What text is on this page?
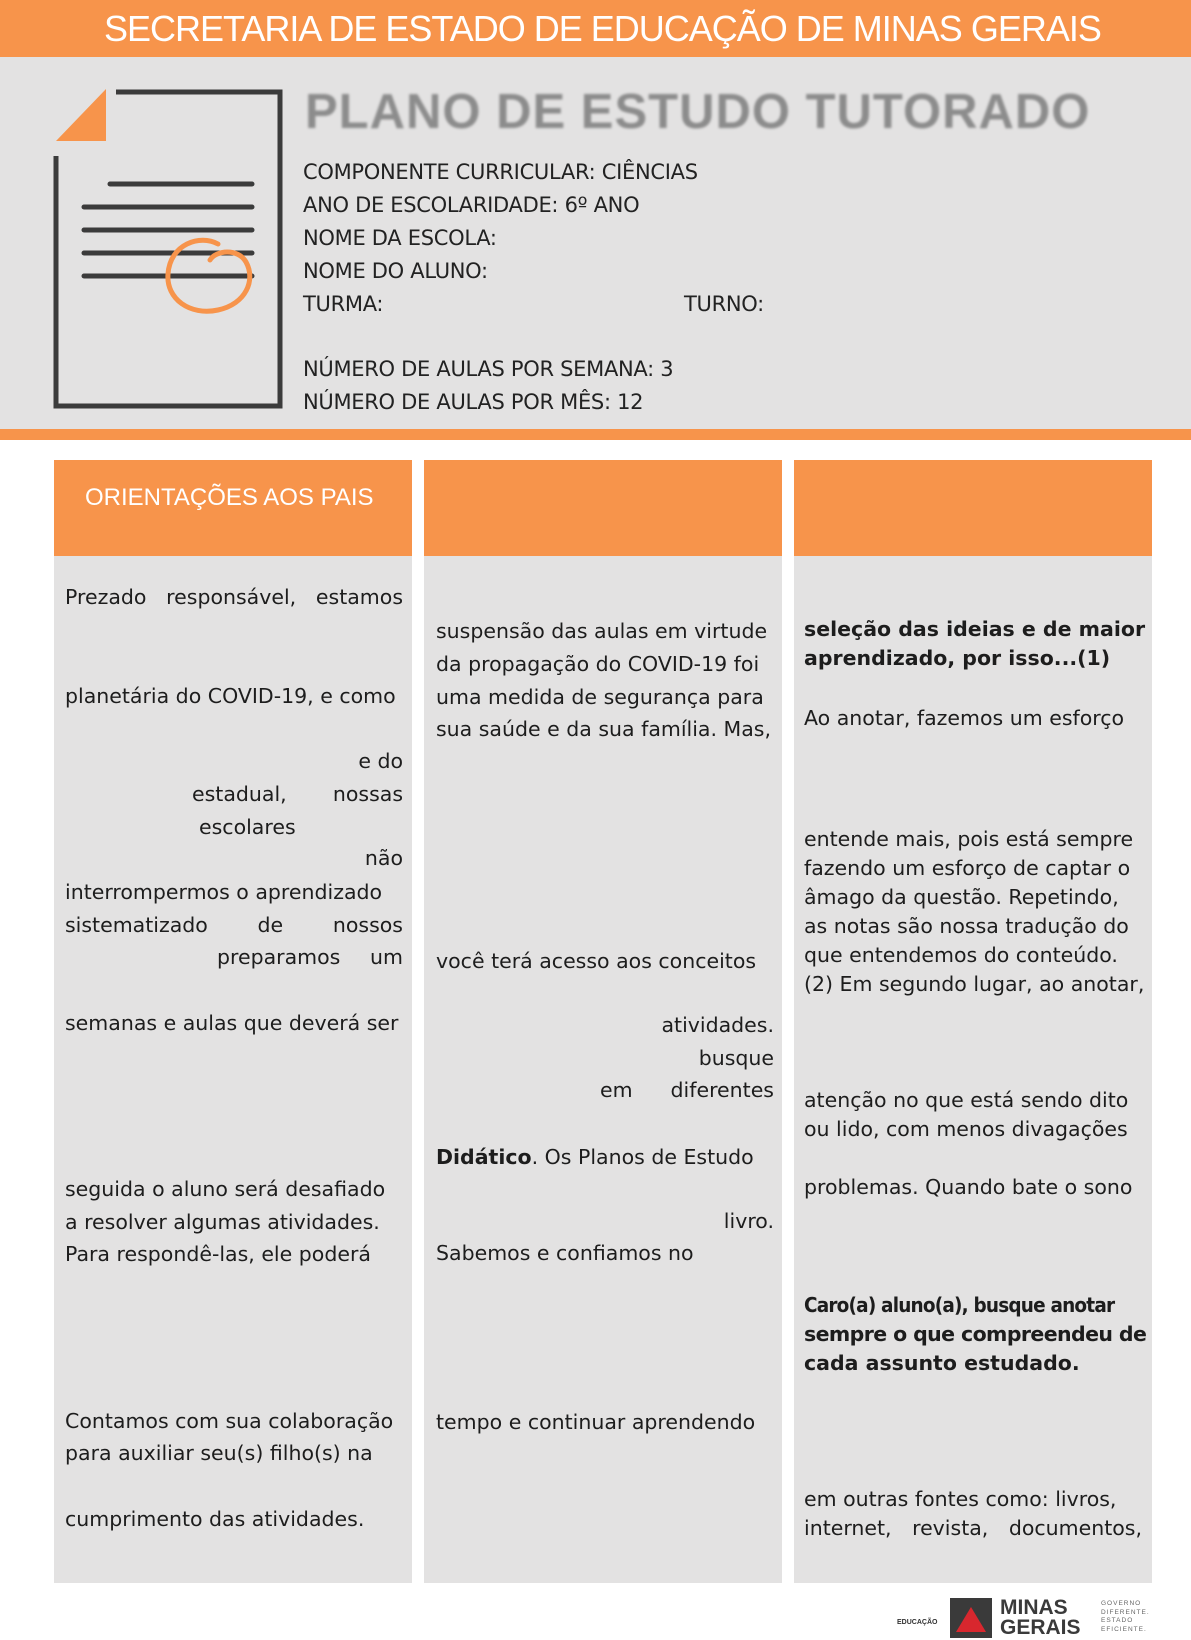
SECRETARIA DE ESTADO DE EDUCAÇÃO DE MINAS GERAIS
PLANO DE ESTUDO TUTORADO
COMPONENTE CURRICULAR: CIÊNCIAS
ANO DE ESCOLARIDADE: 6º ANO
NOME DA ESCOLA:
NOME DO ALUNO:
TURMA:	TURNO:
NÚMERO DE AULAS POR SEMANA: 3
NÚMERO DE AULAS POR MÊS: 12
ORIENTAÇÕES AOS PAIS
Prezado responsável, estamos
planetária do COVID-19, e como
e do
estadual, nossas
escolares
não
interrompermos o aprendizado
sistematizado de nossos
preparamos um
semanas e aulas que deverá ser
seguida o aluno será desafiado
a resolver algumas atividades.
Para respondê-las, ele poderá
Contamos com sua colaboração
para auxiliar seu(s) filho(s) na
cumprimento das atividades.
suspensão das aulas em virtude
da propagação do COVID-19 foi
uma medida de segurança para
sua saúde e da sua família. Mas,
você terá acesso aos conceitos
atividades.
busque
em diferentes
Didático. Os Planos de Estudo
livro.
Sabemos e confiamos no
tempo e continuar aprendendo
seleção das ideias e de maior
aprendizado, por isso...(1)
Ao anotar, fazemos um esforço
entende mais, pois está sempre
fazendo um esforço de captar o
âmago da questão. Repetindo,
as notas são nossa tradução do
que entendemos do conteúdo.
(2) Em segundo lugar, ao anotar,
atenção no que está sendo dito
ou lido, com menos divagações
problemas. Quando bate o sono
Caro(a) aluno(a), busque anotar
sempre o que compreendeu de
cada assunto estudado.
em outras fontes como: livros,
internet, revista, documentos,
EDUCAÇÃO
MINAS
GERAIS
GOVERNO
DIFERENTE.
ESTADO
EFICIENTE.
